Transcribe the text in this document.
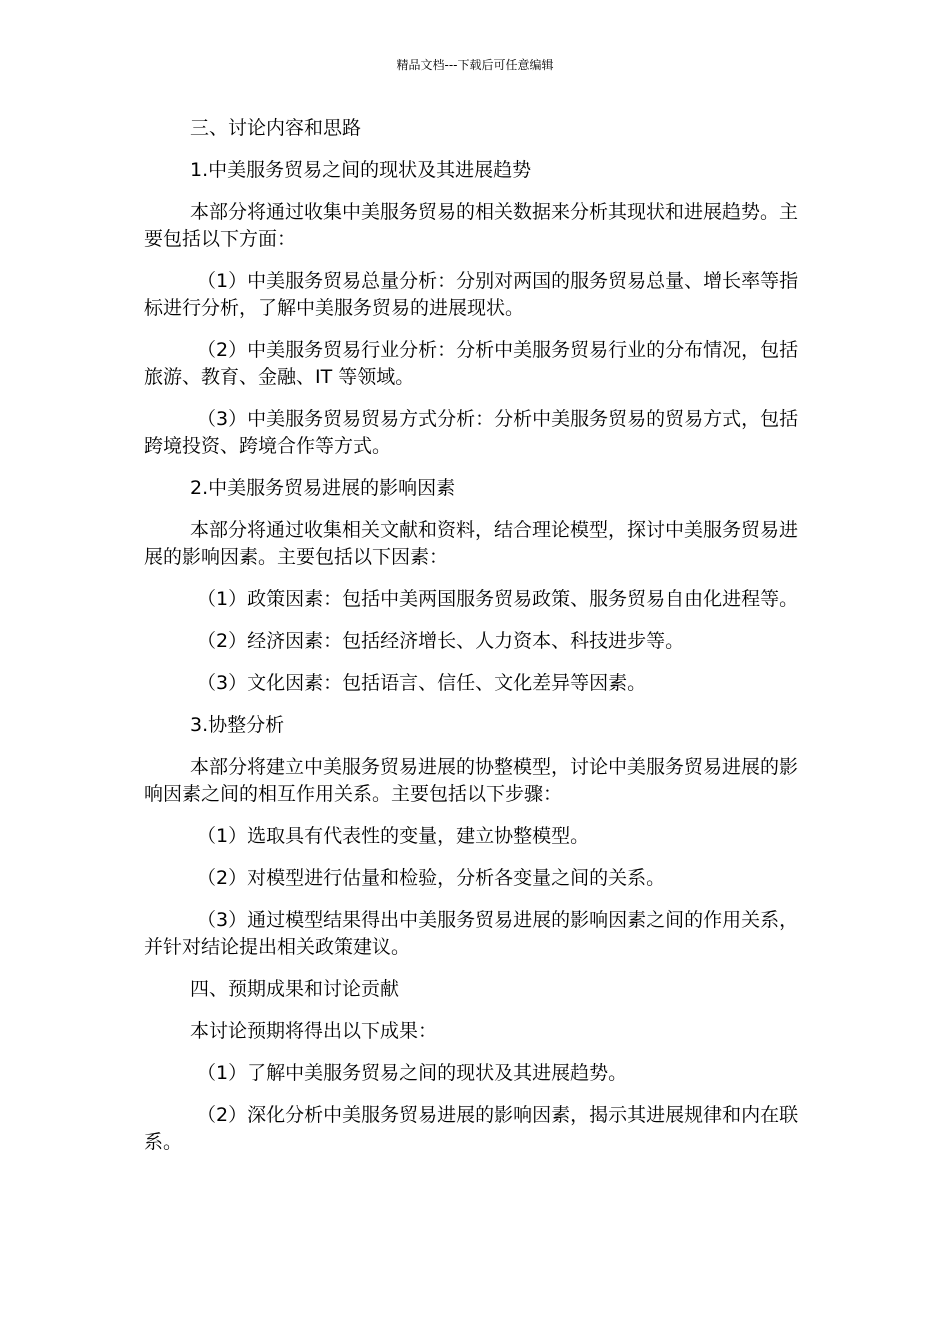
精品文档---下载后可任意编辑

三、讨论内容和思路

1.中美服务贸易之间的现状及其进展趋势

本部分将通过收集中美服务贸易的相关数据来分析其现状和进展趋势。主要包括以下方面：

（1）中美服务贸易总量分析：分别对两国的服务贸易总量、增长率等指标进行分析，了解中美服务贸易的进展现状。

（2）中美服务贸易行业分析：分析中美服务贸易行业的分布情况，包括旅游、教育、金融、IT 等领域。

（3）中美服务贸易贸易方式分析：分析中美服务贸易的贸易方式，包括跨境投资、跨境合作等方式。

2.中美服务贸易进展的影响因素

本部分将通过收集相关文献和资料，结合理论模型，探讨中美服务贸易进展的影响因素。主要包括以下因素：

（1）政策因素：包括中美两国服务贸易政策、服务贸易自由化进程等。

（2）经济因素：包括经济增长、人力资本、科技进步等。

（3）文化因素：包括语言、信任、文化差异等因素。

3.协整分析

本部分将建立中美服务贸易进展的协整模型，讨论中美服务贸易进展的影响因素之间的相互作用关系。主要包括以下步骤：

（1）选取具有代表性的变量，建立协整模型。

（2）对模型进行估量和检验，分析各变量之间的关系。

（3）通过模型结果得出中美服务贸易进展的影响因素之间的作用关系，并针对结论提出相关政策建议。

四、预期成果和讨论贡献

本讨论预期将得出以下成果：

（1）了解中美服务贸易之间的现状及其进展趋势。

（2）深化分析中美服务贸易进展的影响因素，揭示其进展规律和内在联系。
